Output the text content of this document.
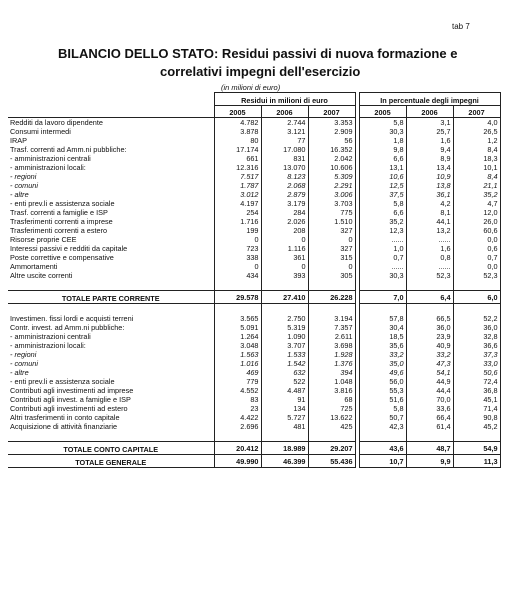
tab 7
BILANCIO DELLO STATO: Residui passivi di nuova formazione e
correlativi impegni dell'esercizio
(in milioni di euro)
	Residui in milioni di euro				In percentuale degli impegni		
	2005	2006	2007		2005	2006	2007
Redditi da lavoro dipendente	4.782	2.744	3.353		5,8	3,1	4,0
Consumi intermedi	3.878	3.121	2.909		30,3	25,7	26,5
IRAP	80	77	56		1,8	1,6	1,2
Trasf. correnti ad Amm.ni pubbliche:	17.174	17.080	16.352		9,8	9,4	8,4
- amministrazioni centrali	661	831	2.042		6,6	8,9	18,3
- amministrazioni locali:	12.316	13.070	10.606		13,1	13,4	10,1
- regioni	7.517	8.123	5.309		10,6	10,9	8,4
- comuni	1.787	2.068	2.291		12,5	13,8	21,1
- altre	3.012	2.879	3.006		37,5	36,1	35,2
- enti prev.li e assistenza sociale	4.197	3.179	3.703		5,8	4,2	4,7
Trasf. correnti a famiglie e ISP	254	284	775		6,6	8,1	12,0
Trasferimenti correnti a imprese	1.716	2.026	1.510		35,2	44,1	26,0
Trasferimenti correnti a estero	199	208	327		12,3	13,2	60,6
Risorse proprie CEE	0	0	0		......	......	0,0
Interessi passivi e redditi da capitale	723	1.116	327		1,0	1,6	0,6
Poste correttive e compensative	338	361	315		0,7	0,8	0,7
Ammortamenti	0	0	0		......	......	0,0
Altre uscite correnti	434	393	305		30,3	52,3	52,3

TOTALE PARTE CORRENTE	29.578	27.410	26.228		7,0	6,4	6,0

Investimen. fissi lordi e acquisti terreni	3.565	2.750	3.194		57,8	66,5	52,2
Contr. invest. ad Amm.ni pubbliche:	5.091	5.319	7.357		30,4	36,0	36,0
- amministrazioni centrali	1.264	1.090	2.611		18,5	23,9	32,8
- amministrazioni locali:	3.048	3.707	3.698		35,6	40,9	36,6
- regioni	1.563	1.533	1.928		33,2	33,2	37,3
- comuni	1.016	1.542	1.376		35,0	47,3	33,0
- altre	469	632	394		49,6	54,1	50,6
- enti prev.li e assistenza sociale	779	522	1.048		56,0	44,9	72,4
Contributi agli investimenti ad imprese	4.552	4.487	3.816		55,3	44,4	36,8
Contributi agli invest. a famiglie e ISP	83	91	68		51,6	70,0	45,1
Contributi agli investimenti ad estero	23	134	725		5,8	33,6	71,4
Altri trasferimenti in conto capitale	4.422	5.727	13.622		50,7	66,4	90,8
Acquisizione di attività finanziarie	2.696	481	425		42,3	61,4	45,2

TOTALE CONTO CAPITALE	20.412	18.989	29.207		43,6	48,7	54,9
TOTALE GENERALE	49.990	46.399	55.436		10,7	9,9	11,3
